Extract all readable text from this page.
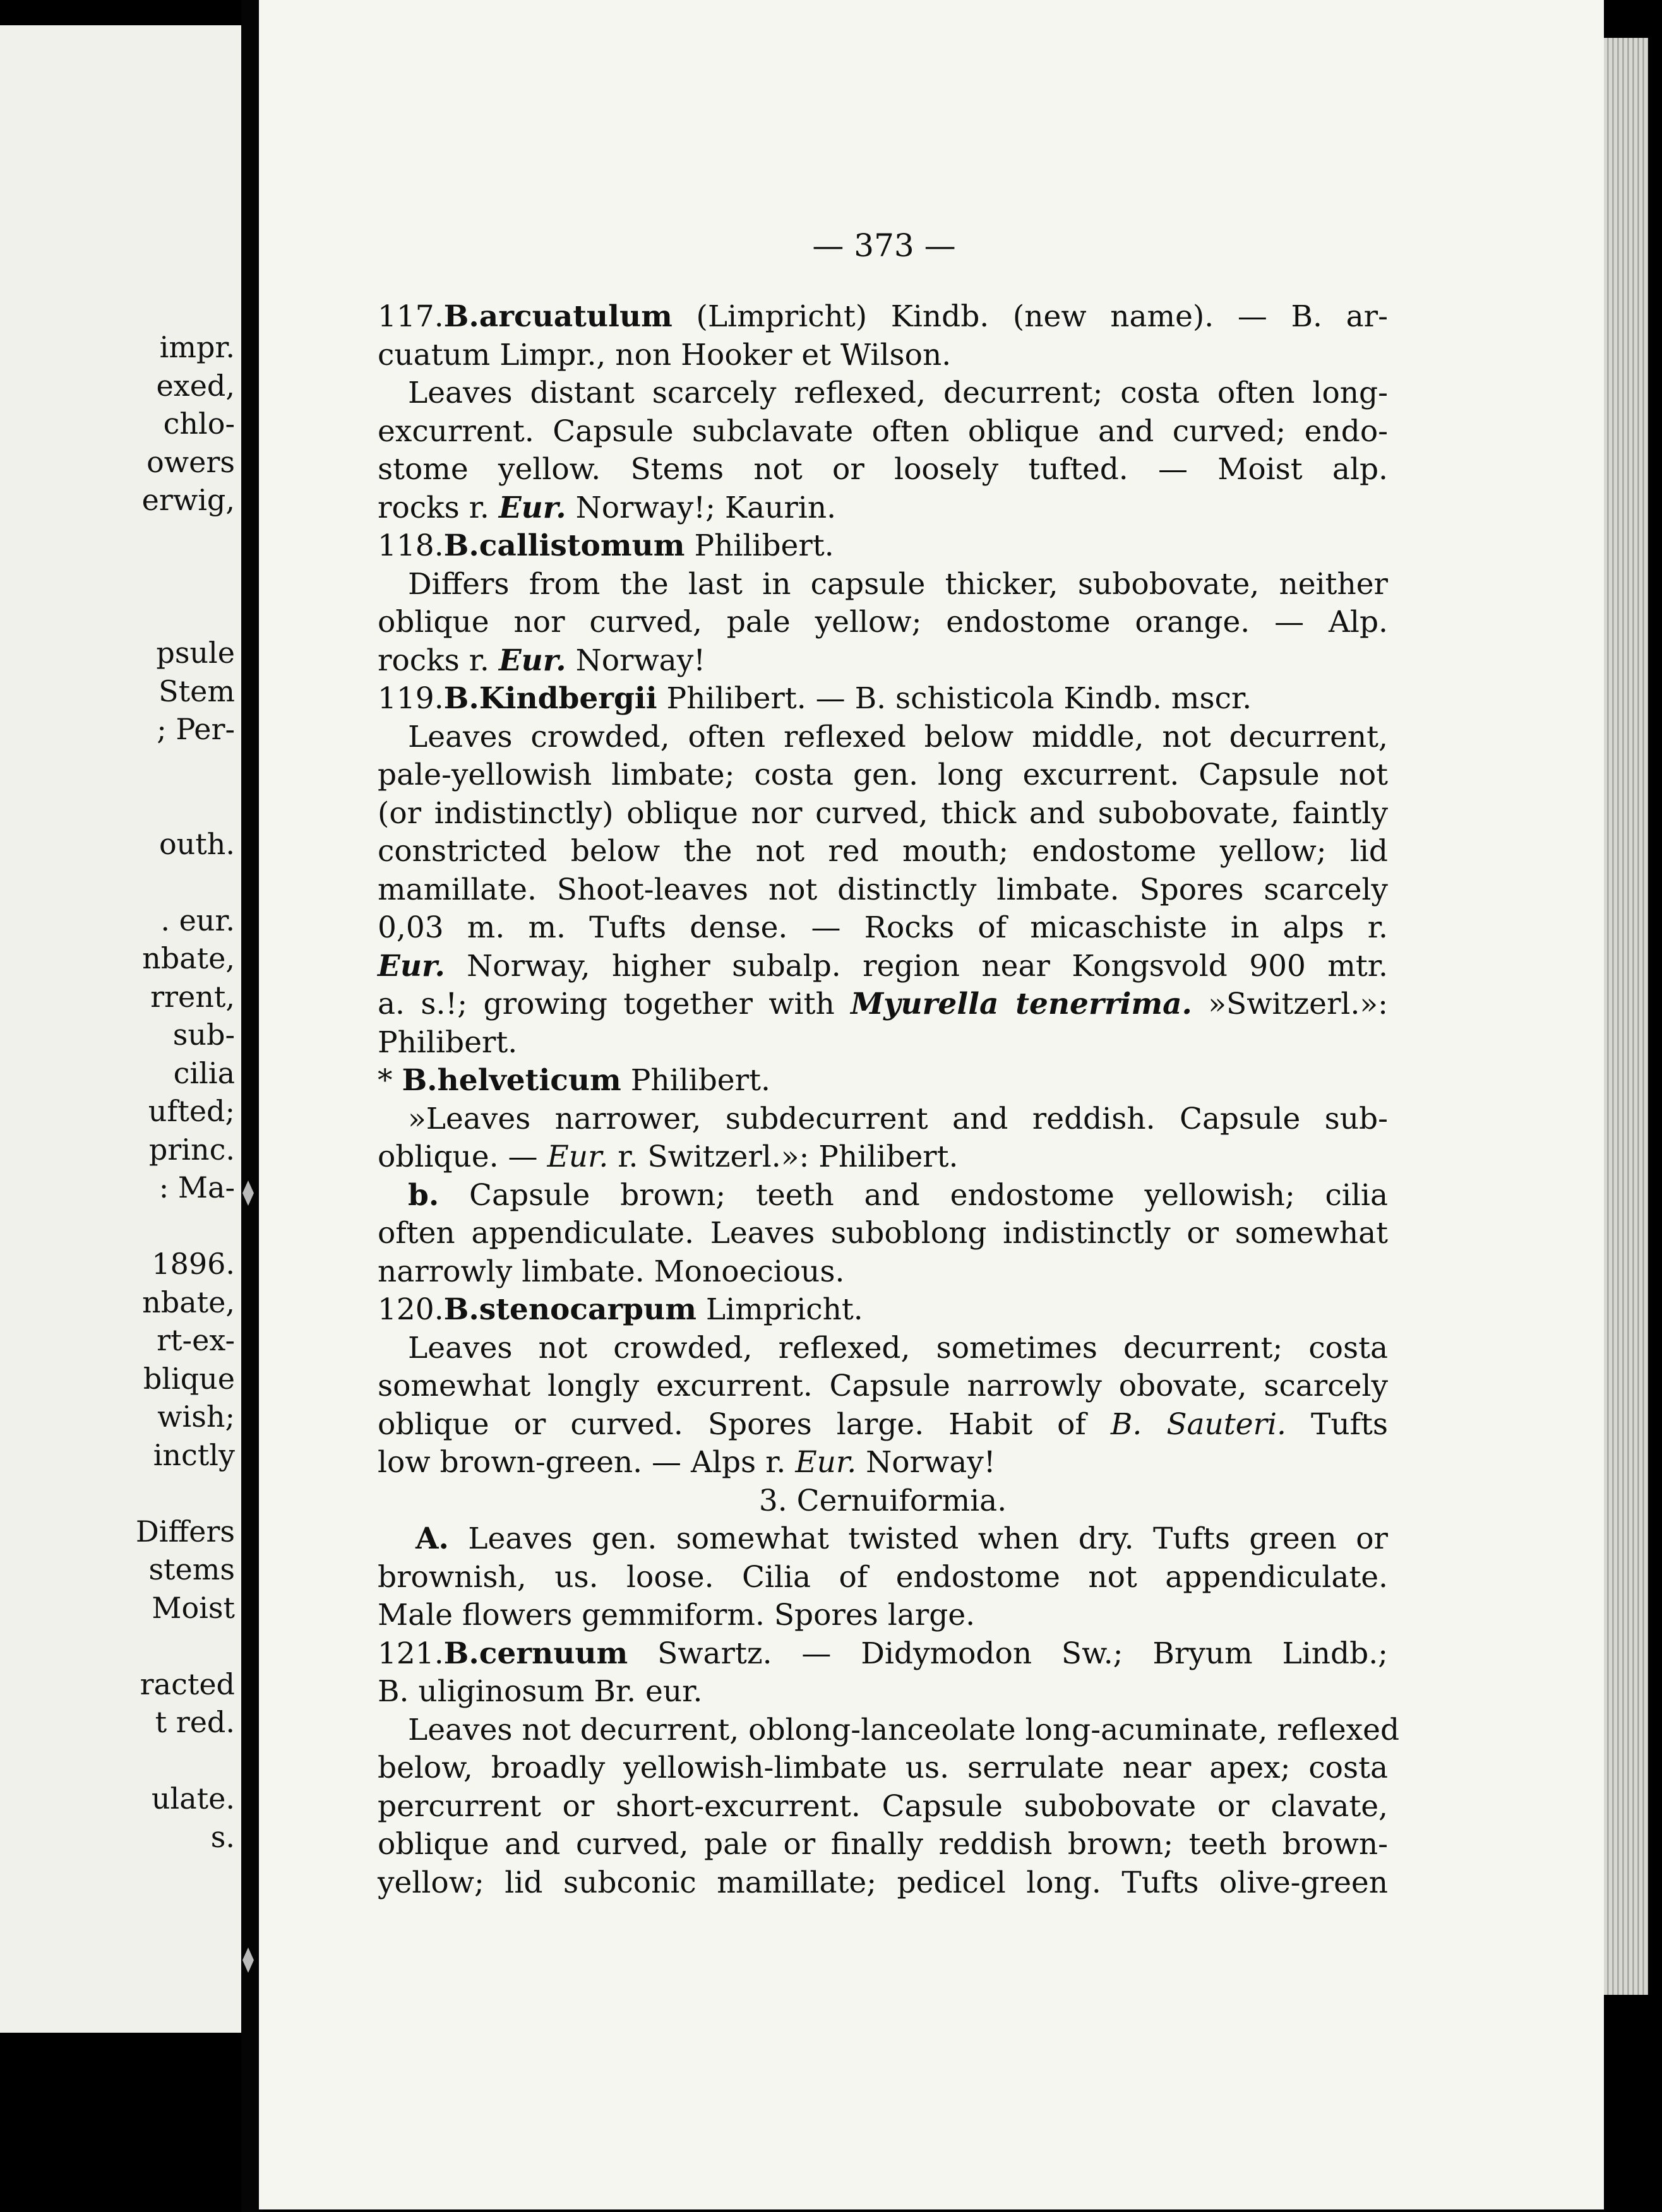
impr.
exed,
chlo-
owers
erwig,

psule
Stem
; Per-

outh.

. eur.
nbate,
rrent,
sub-
cilia
ufted;
princ.
: Ma-

1896.
nbate,
rt-ex-
blique
wish;
inctly

Differs
stems
Moist

racted
t red.

ulate.
s.
— 373 —
117.B.arcuatulum (Limpricht) Kindb. (new name). — B. ar-
cuatum Limpr., non Hooker et Wilson.
Leaves distant scarcely reflexed, decurrent; costa often long-
excurrent. Capsule subclavate often oblique and curved; endo-
stome yellow. Stems not or loosely tufted. — Moist alp.
rocks r. Eur. Norway!; Kaurin.
118.B.callistomum Philibert.
Differs from the last in capsule thicker, subobovate, neither
oblique nor curved, pale yellow; endostome orange. — Alp.
rocks r. Eur. Norway!
119.B.Kindbergii Philibert. — B. schisticola Kindb. mscr.
Leaves crowded, often reflexed below middle, not decurrent,
pale-yellowish limbate; costa gen. long excurrent. Capsule not
(or indistinctly) oblique nor curved, thick and subobovate, faintly
constricted below the not red mouth; endostome yellow; lid
mamillate. Shoot-leaves not distinctly limbate. Spores scarcely
0,03 m. m. Tufts dense. — Rocks of micaschiste in alps r.
Eur. Norway, higher subalp. region near Kongsvold 900 mtr.
a. s.!; growing together with Myurella tenerrima. »Switzerl.»:
Philibert.
* B.helveticum Philibert.
»Leaves narrower, subdecurrent and reddish. Capsule sub-
oblique. — Eur. r. Switzerl.»: Philibert.
b. Capsule brown; teeth and endostome yellowish; cilia
often appendiculate. Leaves suboblong indistinctly or somewhat
narrowly limbate. Monoecious.
120.B.stenocarpum Limpricht.
Leaves not crowded, reflexed, sometimes decurrent; costa
somewhat longly excurrent. Capsule narrowly obovate, scarcely
oblique or curved. Spores large. Habit of B. Sauteri. Tufts
low brown-green. — Alps r. Eur. Norway!
3. Cernuiformia.
A. Leaves gen. somewhat twisted when dry. Tufts green or
brownish, us. loose. Cilia of endostome not appendiculate.
Male flowers gemmiform. Spores large.
121.B.cernuum Swartz. — Didymodon Sw.; Bryum Lindb.;
B. uliginosum Br. eur.
Leaves not decurrent, oblong-lanceolate long-acuminate, reflexed
below, broadly yellowish-limbate us. serrulate near apex; costa
percurrent or short-excurrent. Capsule subobovate or clavate,
oblique and curved, pale or finally reddish brown; teeth brown-
yellow; lid subconic mamillate; pedicel long. Tufts olive-green
